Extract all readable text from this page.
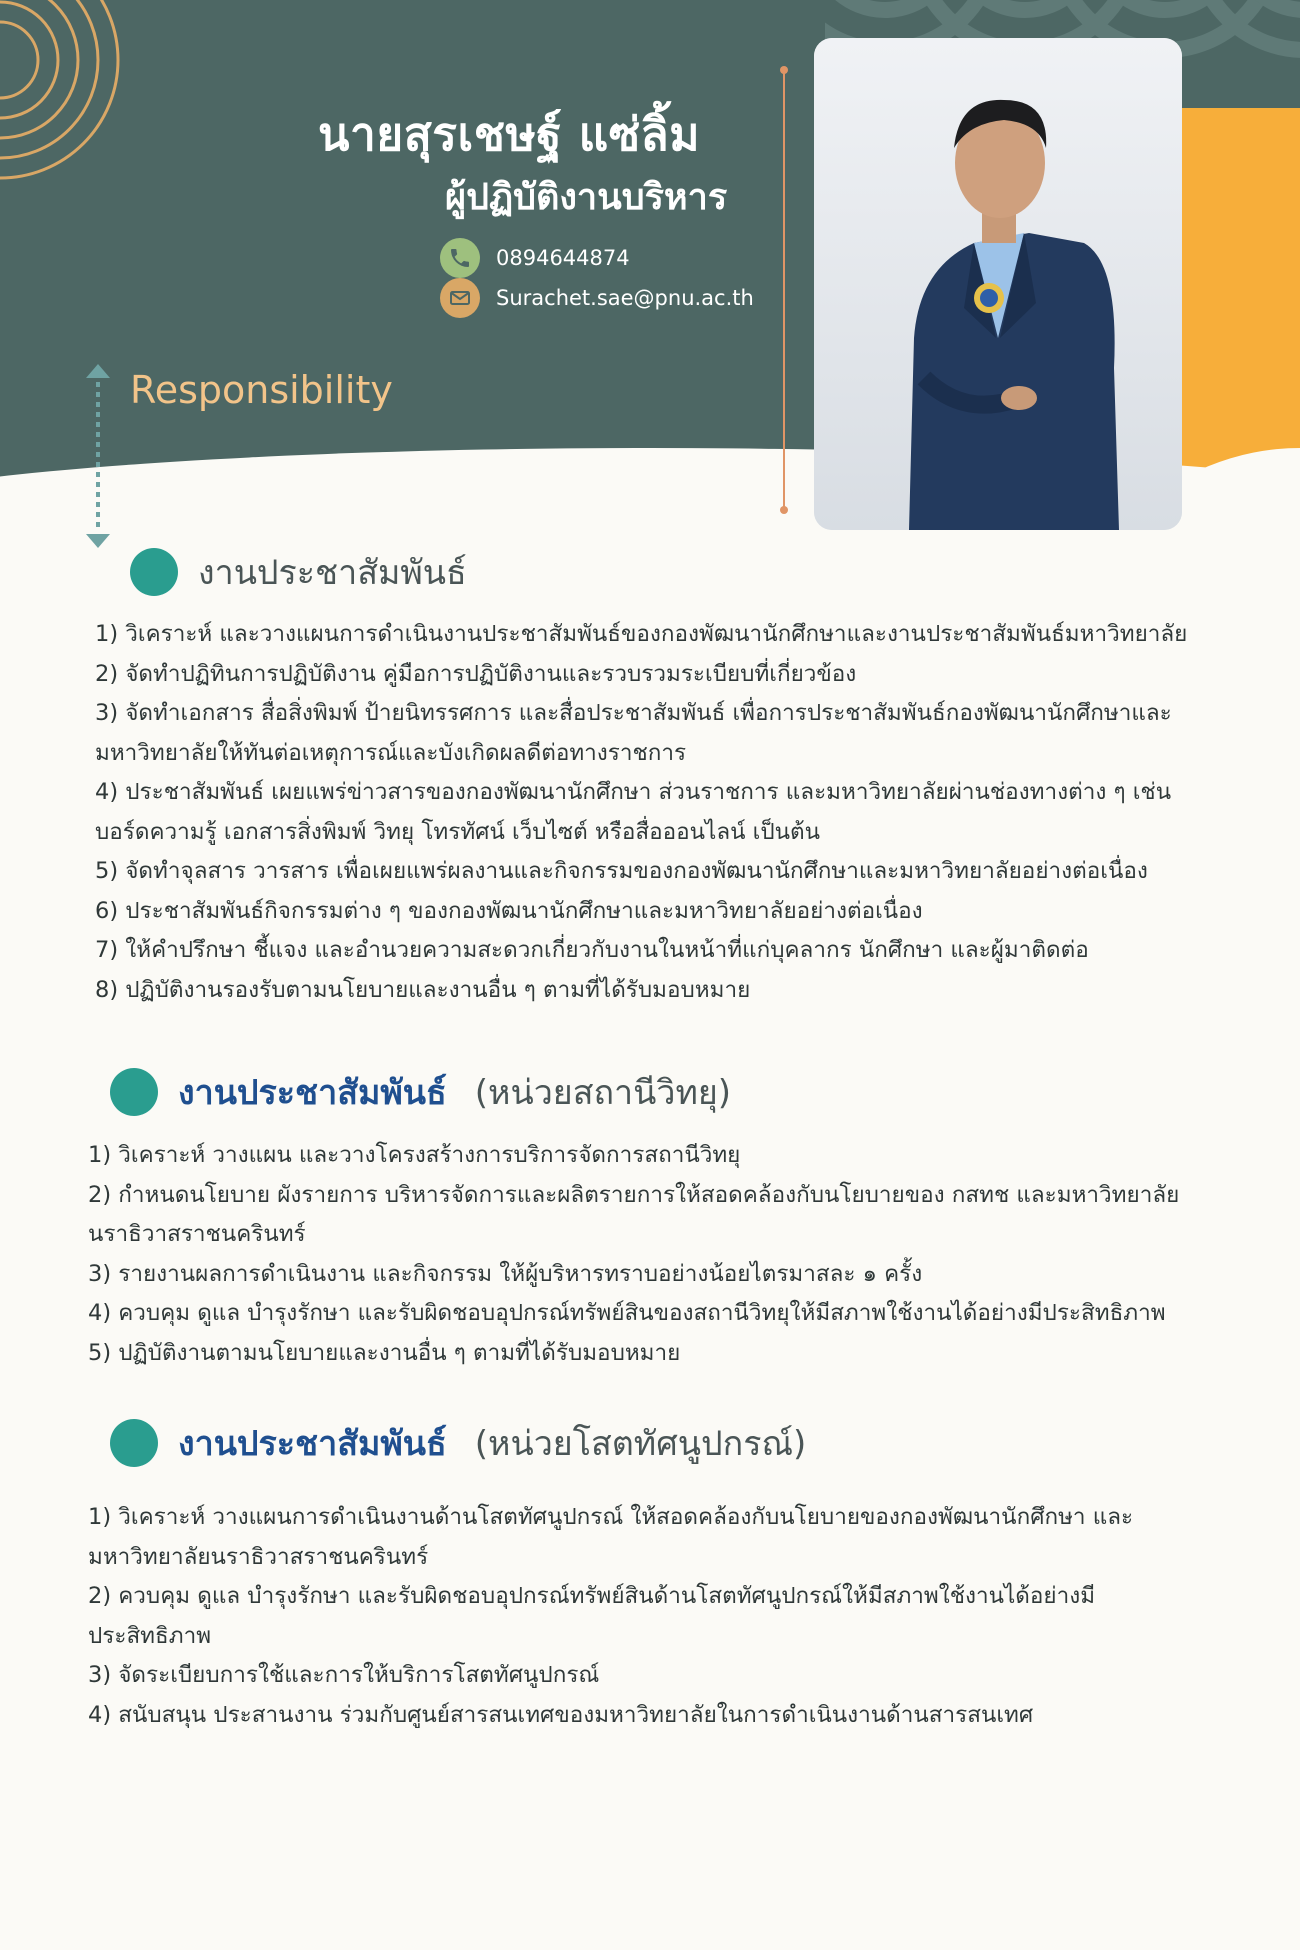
นายสุรเชษฐ์ แซ่ลิ้ม
ผู้ปฏิบัติงานบริหาร
0894644874
Surachet.sae@pnu.ac.th
Responsibility
งานประชาสัมพันธ์
1) วิเคราะห์ และวางแผนการดำเนินงานประชาสัมพันธ์ของกองพัฒนานักศึกษาและงานประชาสัมพันธ์มหาวิทยาลัย
2) จัดทำปฏิทินการปฏิบัติงาน คู่มือการปฏิบัติงานและรวบรวมระเบียบที่เกี่ยวข้อง
3) จัดทำเอกสาร สื่อสิ่งพิมพ์ ป้ายนิทรรศการ และสื่อประชาสัมพันธ์ เพื่อการประชาสัมพันธ์กองพัฒนานักศึกษาและมหาวิทยาลัยให้ทันต่อเหตุการณ์และบังเกิดผลดีต่อทางราชการ
4) ประชาสัมพันธ์ เผยแพร่ข่าวสารของกองพัฒนานักศึกษา ส่วนราชการ และมหาวิทยาลัยผ่านช่องทางต่าง ๆ เช่น บอร์ดความรู้ เอกสารสิ่งพิมพ์ วิทยุ โทรทัศน์ เว็บไซต์ หรือสื่อออนไลน์ เป็นต้น
5) จัดทำจุลสาร วารสาร เพื่อเผยแพร่ผลงานและกิจกรรมของกองพัฒนานักศึกษาและมหาวิทยาลัยอย่างต่อเนื่อง
6) ประชาสัมพันธ์กิจกรรมต่าง ๆ ของกองพัฒนานักศึกษาและมหาวิทยาลัยอย่างต่อเนื่อง
7) ให้คำปรึกษา ชี้แจง และอำนวยความสะดวกเกี่ยวกับงานในหน้าที่แก่บุคลากร นักศึกษา และผู้มาติดต่อ
8) ปฏิบัติงานรองรับตามนโยบายและงานอื่น ๆ ตามที่ได้รับมอบหมาย
งานประชาสัมพันธ์ (หน่วยสถานีวิทยุ)
1) วิเคราะห์ วางแผน และวางโครงสร้างการบริการจัดการสถานีวิทยุ
2) กำหนดนโยบาย ผังรายการ บริหารจัดการและผลิตรายการให้สอดคล้องกับนโยบายของ กสทช และมหาวิทยาลัยนราธิวาสราชนครินทร์
3) รายงานผลการดำเนินงาน และกิจกรรม ให้ผู้บริหารทราบอย่างน้อยไตรมาสละ ๑ ครั้ง
4) ควบคุม ดูแล บำรุงรักษา และรับผิดชอบอุปกรณ์ทรัพย์สินของสถานีวิทยุให้มีสภาพใช้งานได้อย่างมีประสิทธิภาพ
5) ปฏิบัติงานตามนโยบายและงานอื่น ๆ ตามที่ได้รับมอบหมาย
งานประชาสัมพันธ์ (หน่วยโสตทัศนูปกรณ์)
1) วิเคราะห์ วางแผนการดำเนินงานด้านโสตทัศนูปกรณ์ ให้สอดคล้องกับนโยบายของกองพัฒนานักศึกษา และมหาวิทยาลัยนราธิวาสราชนครินทร์
2) ควบคุม ดูแล บำรุงรักษา และรับผิดชอบอุปกรณ์ทรัพย์สินด้านโสตทัศนูปกรณ์ให้มีสภาพใช้งานได้อย่างมีประสิทธิภาพ
3) จัดระเบียบการใช้และการให้บริการโสตทัศนูปกรณ์
4) สนับสนุน ประสานงาน ร่วมกับศูนย์สารสนเทศของมหาวิทยาลัยในการดำเนินงานด้านสารสนเทศ
